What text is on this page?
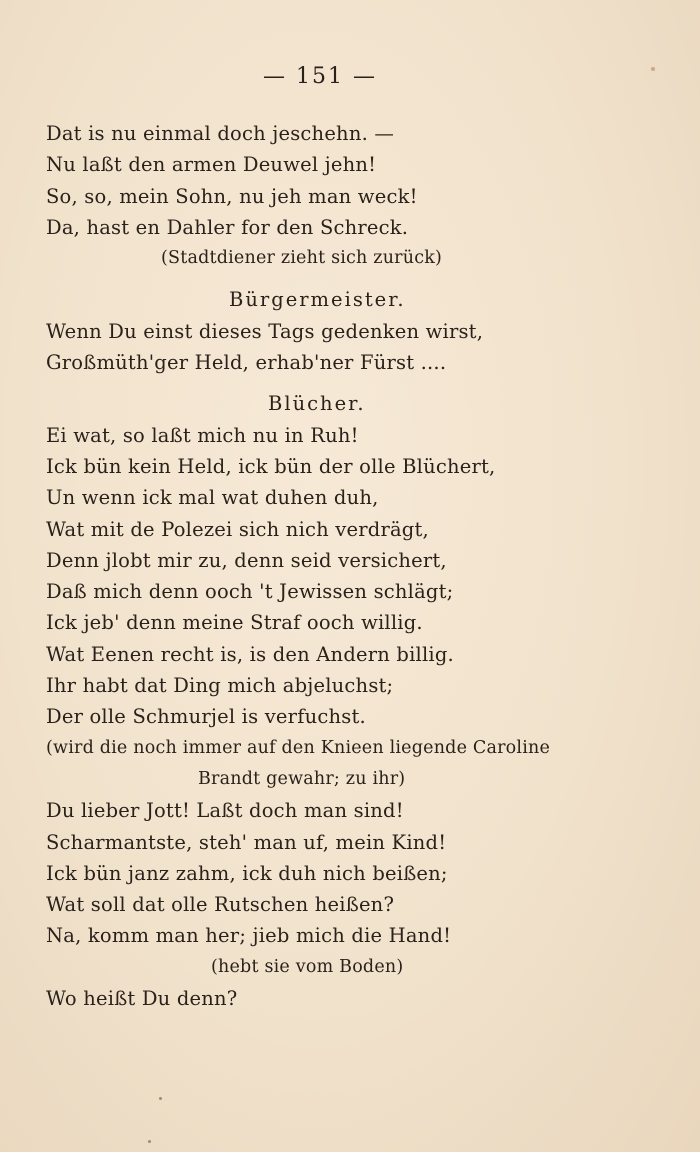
— 151 —
Dat is nu einmal doch jeschehn. —
Nu laßt den armen Deuwel jehn!
So, so, mein Sohn, nu jeh man weck!
Da, hast en Dahler for den Schreck.
(Stadtdiener zieht sich zurück)
Bürgermeister.
Wenn Du einst dieses Tags gedenken wirst,
Großmüth'ger Held, erhab'ner Fürst ....
Blücher.
Ei wat, so laßt mich nu in Ruh!
Ick bün kein Held, ick bün der olle Blüchert,
Un wenn ick mal wat duhen duh,
Wat mit de Polezei sich nich verdrägt,
Denn jlobt mir zu, denn seid versichert,
Daß mich denn ooch 't Jewissen schlägt;
Ick jeb' denn meine Straf ooch willig.
Wat Eenen recht is, is den Andern billig.
Ihr habt dat Ding mich abjeluchst;
Der olle Schmurjel is verfuchst.
(wird die noch immer auf den Knieen liegende Caroline
Brandt gewahr; zu ihr)
Du lieber Jott! Laßt doch man sind!
Scharmantste, steh' man uf, mein Kind!
Ick bün janz zahm, ick duh nich beißen;
Wat soll dat olle Rutschen heißen?
Na, komm man her; jieb mich die Hand!
(hebt sie vom Boden)
Wo heißt Du denn?
